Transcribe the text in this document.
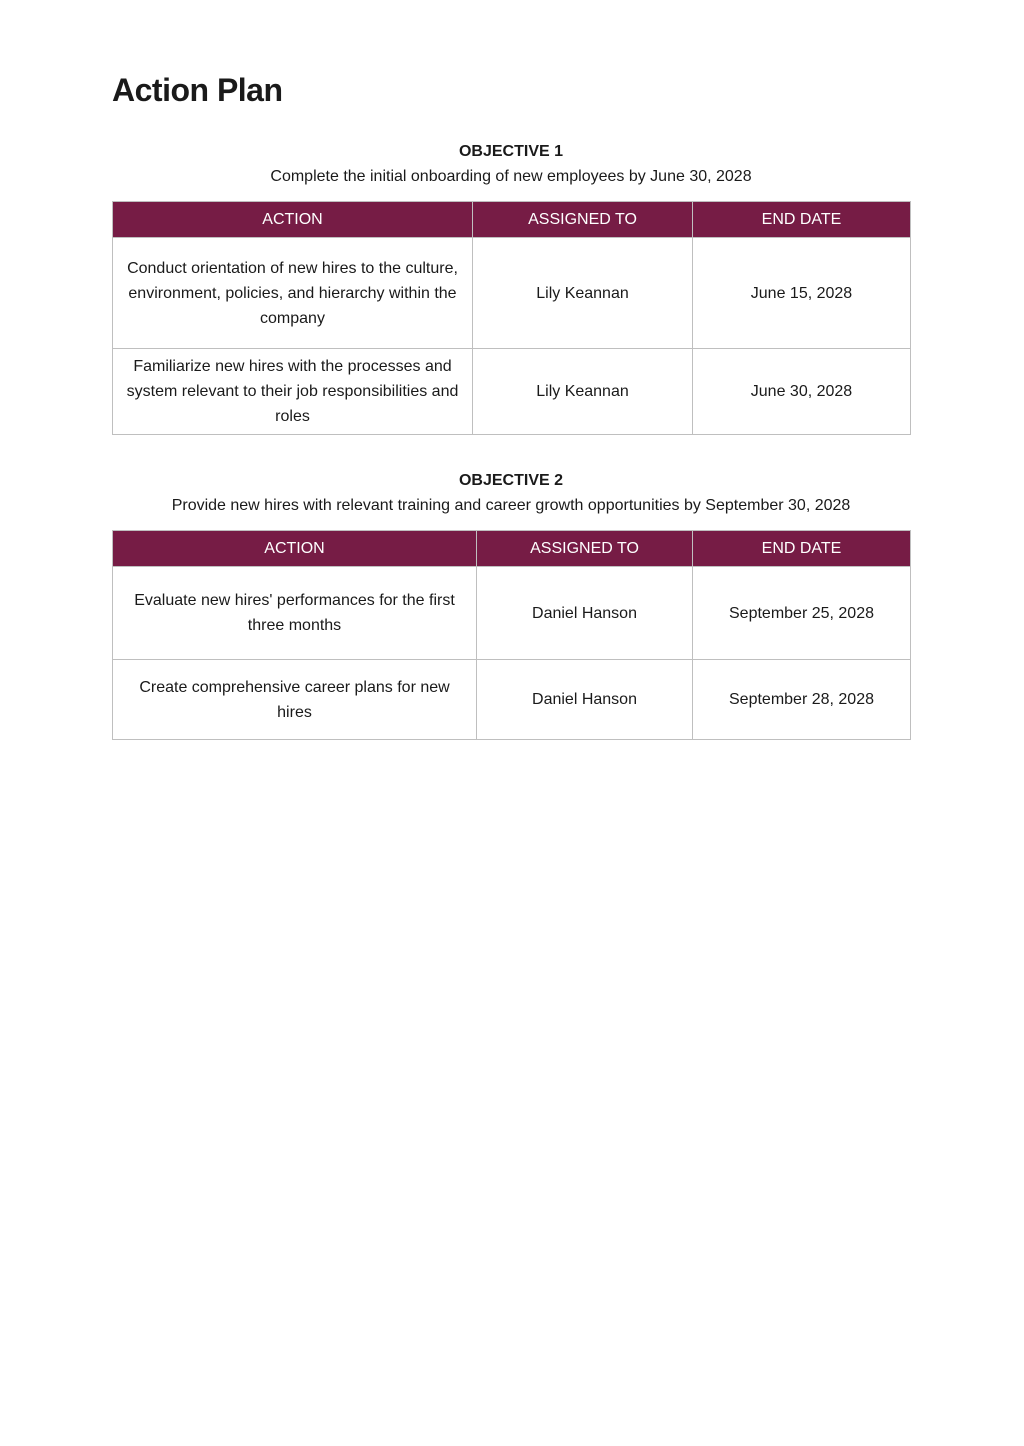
Action Plan
OBJECTIVE 1
Complete the initial onboarding of new employees by June 30, 2028
ACTION	ASSIGNED TO	END DATE
Conduct orientation of new hires to the culture, environment, policies, and hierarchy within the company	Lily Keannan	June 15, 2028
Familiarize new hires with the processes and system relevant to their job responsibilities and roles	Lily Keannan	June 30, 2028
OBJECTIVE 2
Provide new hires with relevant training and career growth opportunities by September 30, 2028
ACTION	ASSIGNED TO	END DATE
Evaluate new hires' performances for the first three months	Daniel Hanson	September 25, 2028
Create comprehensive career plans for new hires	Daniel Hanson	September 28, 2028
